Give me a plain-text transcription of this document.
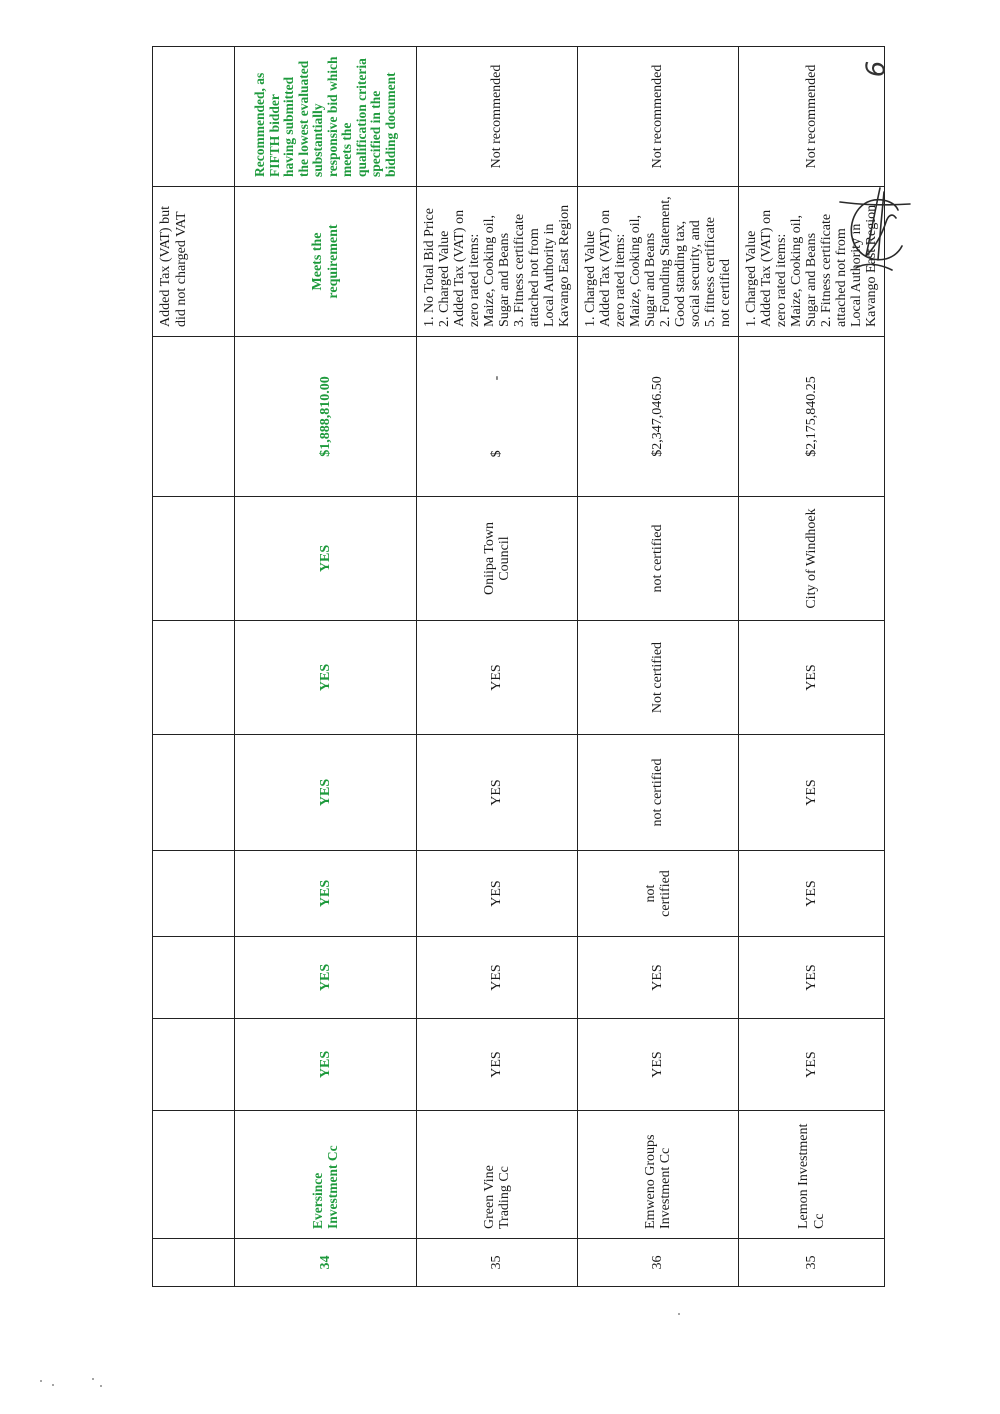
									Added Tax (VAT) but did not charged VAT	
34	Eversince Investment Cc	YES	YES	YES	YES	YES	YES	$1,888,810.00	Meets the requirement	Recommended, as FIFTH bidder having submitted the lowest evaluated substantially responsive bid which meets the qualification criteria specified in the bidding document
35	Green Vine Trading Cc	YES	YES	YES	YES	YES	Oniipa Town Council	$                    -	1. No Total Bid Price 2. Charged Value Added Tax (VAT) on zero rated items: Maize, Cooking oil, Sugar and Beans 3. Fitness certificate attached not from Local Authority in Kavango East Region	Not recommended
36	Emweno Groups Investment Cc	YES	YES	not certified	not certified	Not certified	not certified	$2,347,046.50	1. Charged Value Added Tax (VAT) on zero rated items: Maize, Cooking oil, Sugar and Beans 2. Founding Statement, Good standing tax, social security, and 5. fitness certificate not certified	Not recommended
35	Lemon Investment Cc	YES	YES	YES	YES	YES	City of Windhoek	$2,175,840.25	1. Charged Value Added Tax (VAT) on zero rated items: Maize, Cooking oil, Sugar and Beans 2. Fitness certificate attached not from Local Authority in Kavango East Region	Not recommended 6
